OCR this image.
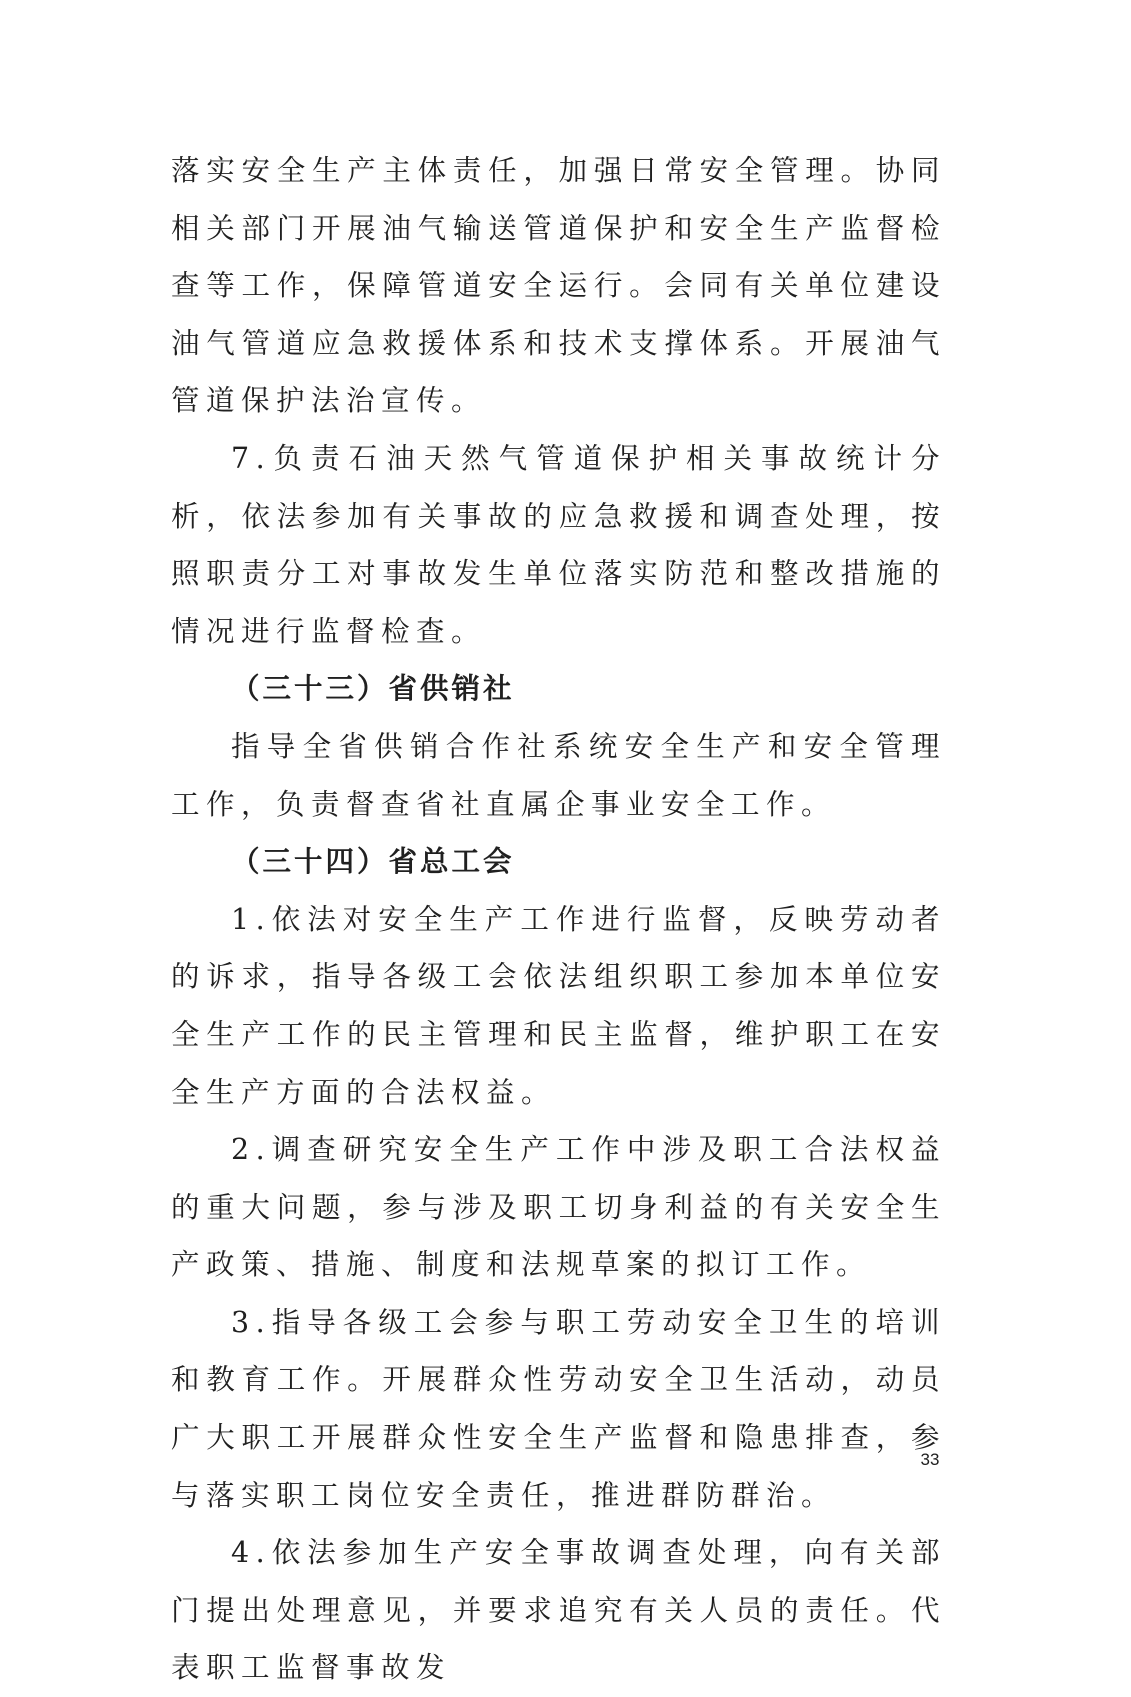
落实安全生产主体责任，加强日常安全管理。协同相关部门开展油气输送管道保护和安全生产监督检查等工作，保障管道安全运行。会同有关单位建设油气管道应急救援体系和技术支撑体系。开展油气管道保护法治宣传。

7.负责石油天然气管道保护相关事故统计分析，依法参加有关事故的应急救援和调查处理，按照职责分工对事故发生单位落实防范和整改措施的情况进行监督检查。

（三十三）省供销社

指导全省供销合作社系统安全生产和安全管理工作，负责督查省社直属企事业安全工作。

（三十四）省总工会

1.依法对安全生产工作进行监督，反映劳动者的诉求，指导各级工会依法组织职工参加本单位安全生产工作的民主管理和民主监督，维护职工在安全生产方面的合法权益。

2.调查研究安全生产工作中涉及职工合法权益的重大问题，参与涉及职工切身利益的有关安全生产政策、措施、制度和法规草案的拟订工作。

3.指导各级工会参与职工劳动安全卫生的培训和教育工作。开展群众性劳动安全卫生活动，动员广大职工开展群众性安全生产监督和隐患排查，参与落实职工岗位安全责任，推进群防群治。

4.依法参加生产安全事故调查处理，向有关部门提出处理意见，并要求追究有关人员的责任。代表职工监督事故发

33
